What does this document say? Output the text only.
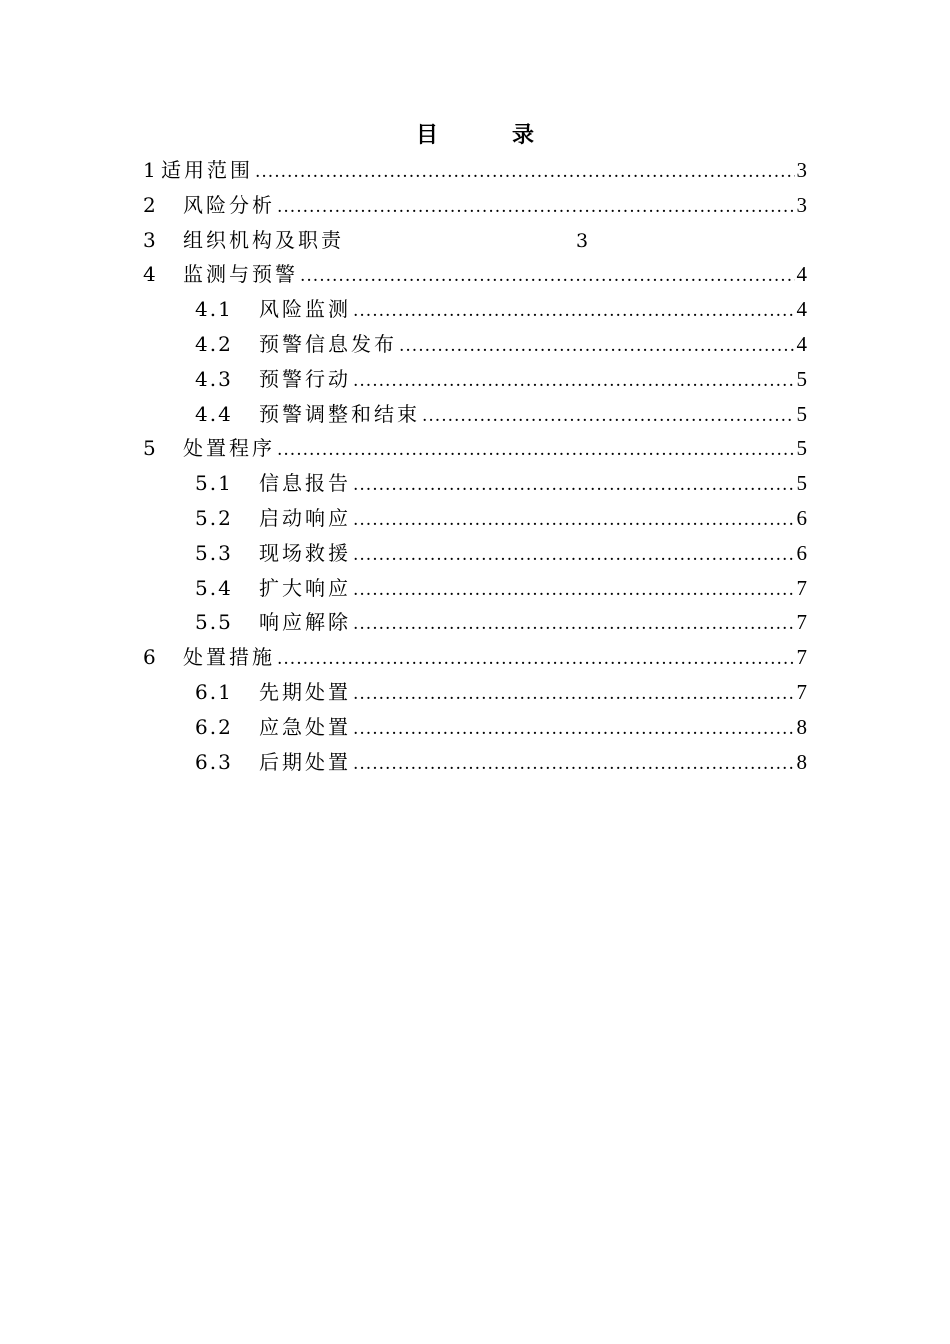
目　录
1 适用范围 .....	3
2	风险分析 .....	3
3	组织机构及职责	3
4	监测与预警 .....	4
4.1	风险监测 .....	4
4.2	预警信息发布 .....	4
4.3	预警行动 .....	5
4.4	预警调整和结束 .....	5
5	处置程序 .....	5
5.1	信息报告 .....	5
5.2	启动响应 .....	6
5.3	现场救援 .....	6
5.4	扩大响应 .....	7
5.5	响应解除 .....	7
6	处置措施 .....	7
6.1	先期处置 .....	7
6.2	应急处置 .....	8
6.3	后期处置 .....	8
